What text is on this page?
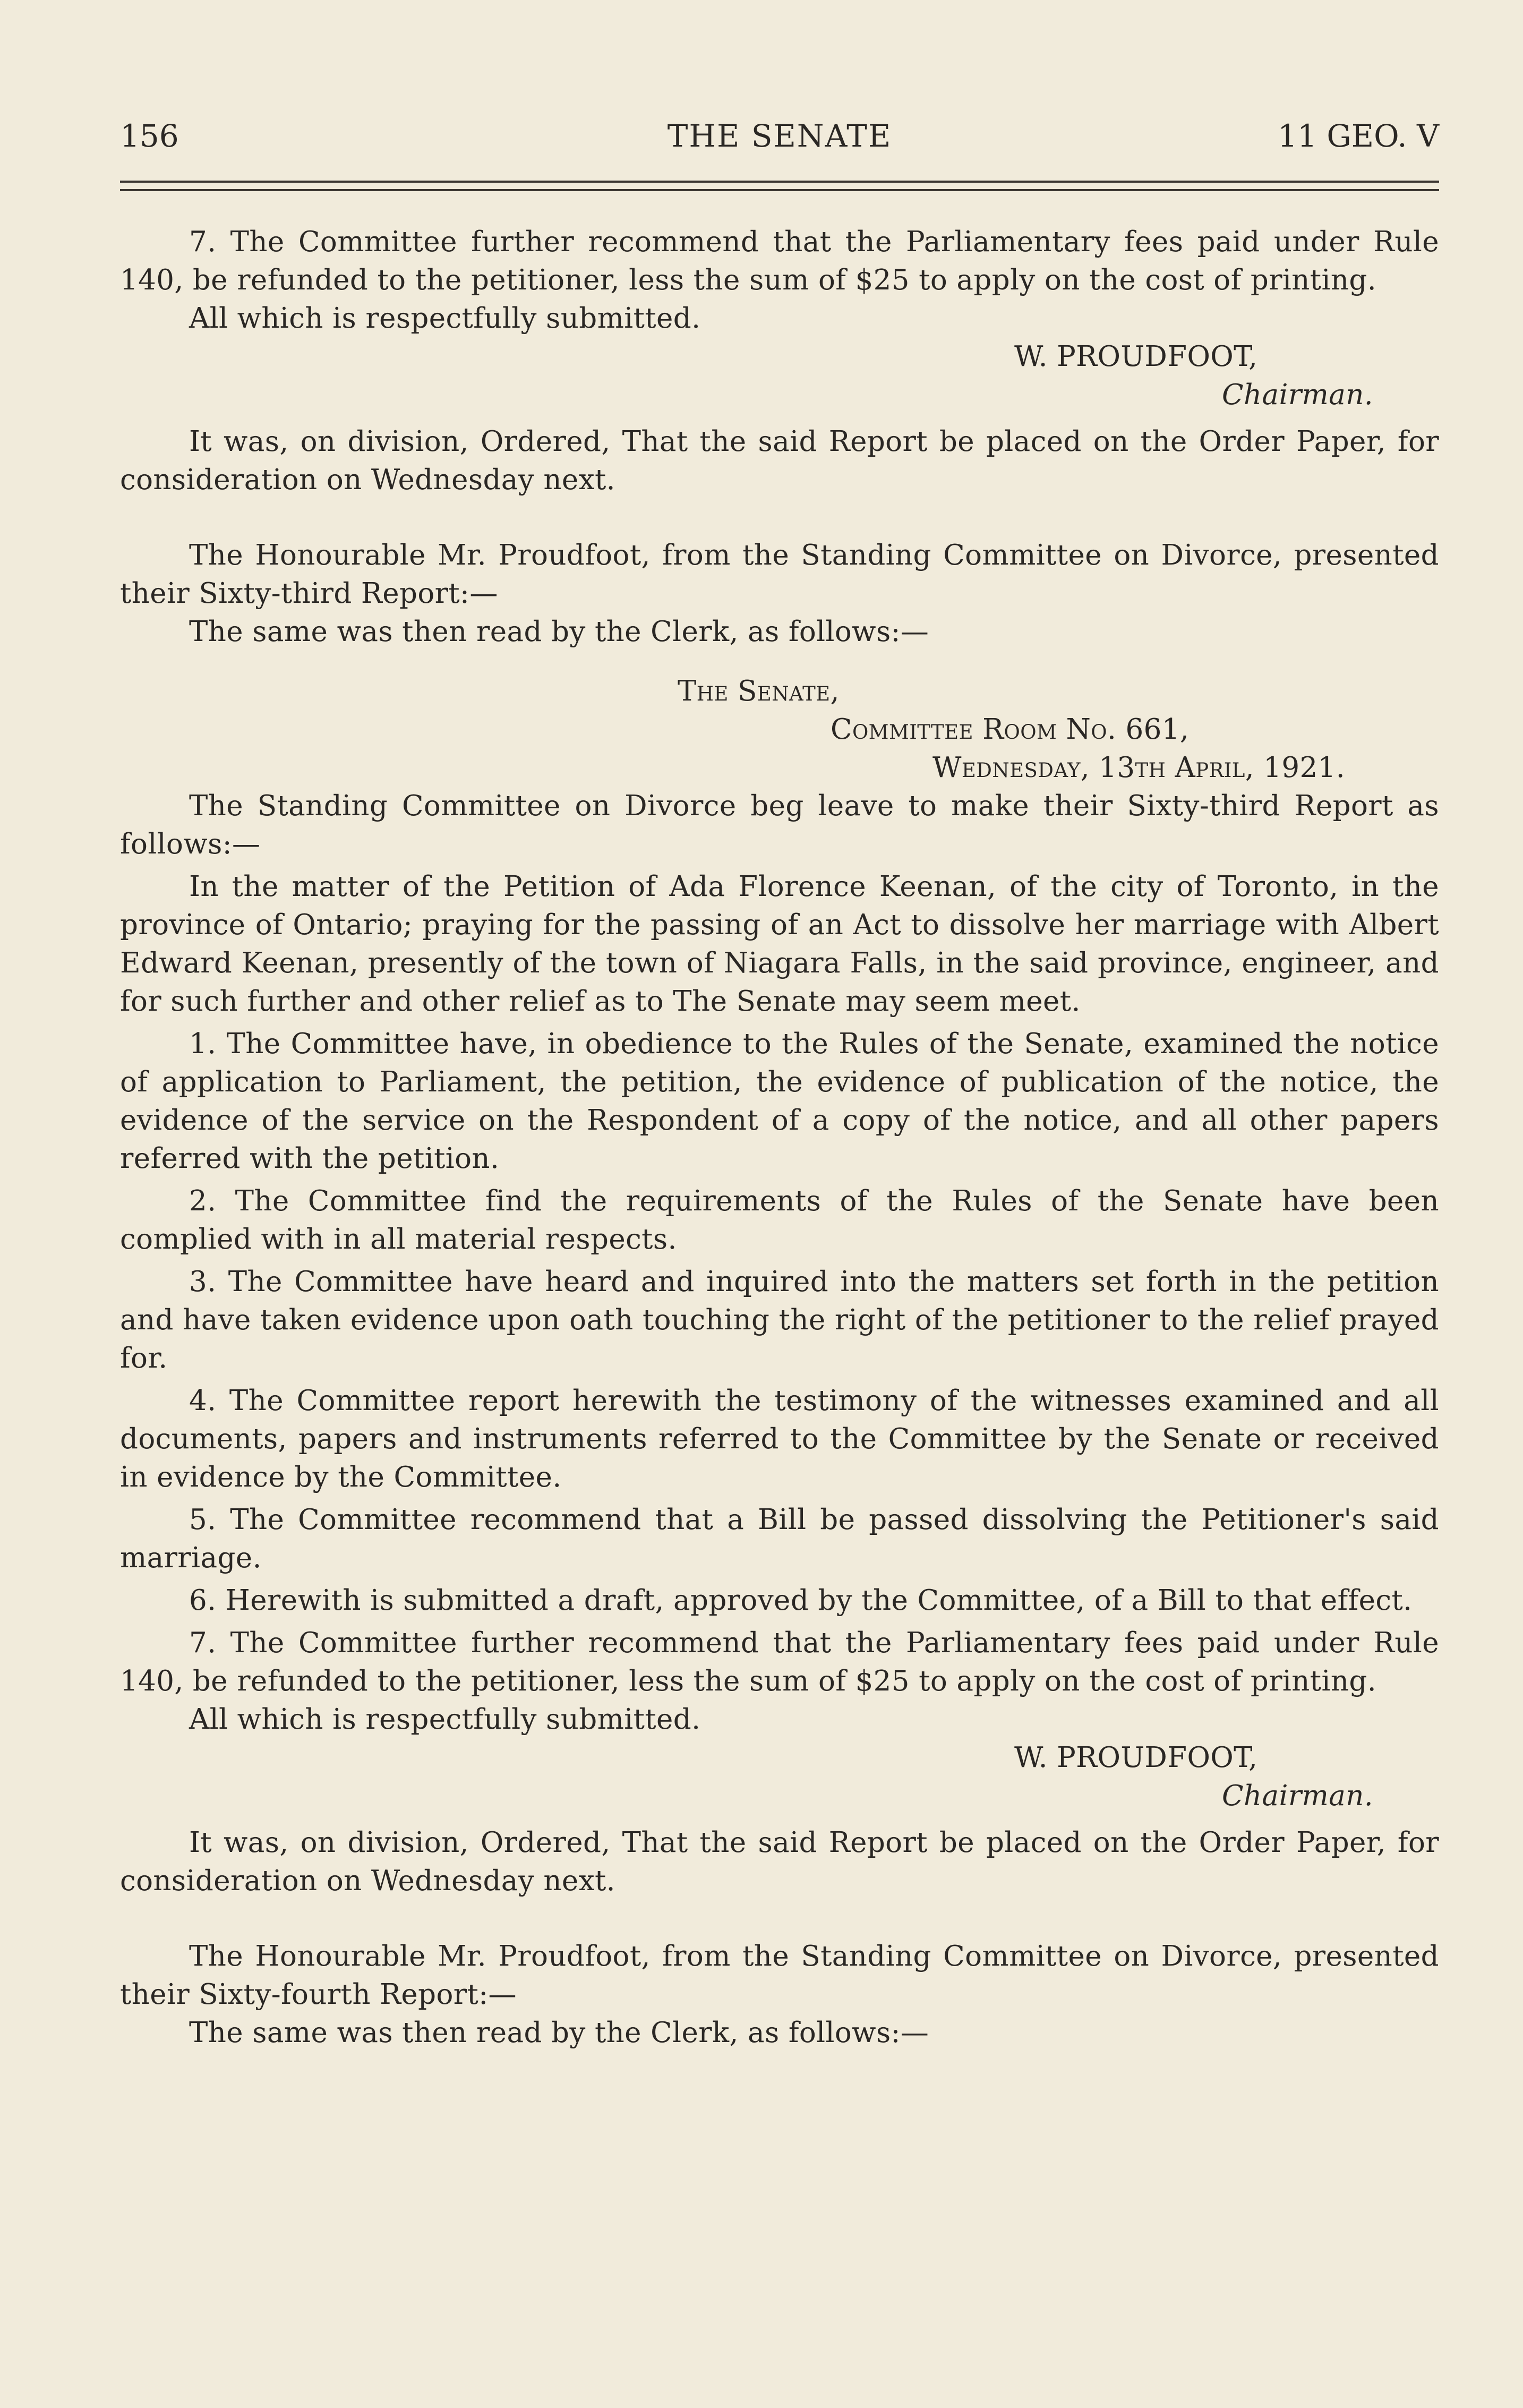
156	THE SENATE	11 GEO. V

7. The Committee further recommend that the Parliamentary fees paid under Rule 140, be refunded to the petitioner, less the sum of $25 to apply on the cost of printing.

All which is respectfully submitted.

W. PROUDFOOT,

Chairman.

It was, on division, Ordered, That the said Report be placed on the Order Paper, for consideration on Wednesday next.

The Honourable Mr. Proudfoot, from the Standing Committee on Divorce, presented their Sixty-third Report:—

The same was then read by the Clerk, as follows:—

The Senate,

Committee Room No. 661,

Wednesday, 13th April, 1921.

The Standing Committee on Divorce beg leave to make their Sixty-third Report as follows:—

In the matter of the Petition of Ada Florence Keenan, of the city of Toronto, in the province of Ontario; praying for the passing of an Act to dissolve her marriage with Albert Edward Keenan, presently of the town of Niagara Falls, in the said province, engineer, and for such further and other relief as to The Senate may seem meet.

1. The Committee have, in obedience to the Rules of the Senate, examined the notice of application to Parliament, the petition, the evidence of publication of the notice, the evidence of the service on the Respondent of a copy of the notice, and all other papers referred with the petition.

2. The Committee find the requirements of the Rules of the Senate have been complied with in all material respects.

3. The Committee have heard and inquired into the matters set forth in the petition and have taken evidence upon oath touching the right of the petitioner to the relief prayed for.

4. The Committee report herewith the testimony of the witnesses examined and all documents, papers and instruments referred to the Committee by the Senate or received in evidence by the Committee.

5. The Committee recommend that a Bill be passed dissolving the Petitioner's said marriage.

6. Herewith is submitted a draft, approved by the Committee, of a Bill to that effect.

7. The Committee further recommend that the Parliamentary fees paid under Rule 140, be refunded to the petitioner, less the sum of $25 to apply on the cost of printing.

All which is respectfully submitted.

W. PROUDFOOT,

Chairman.

It was, on division, Ordered, That the said Report be placed on the Order Paper, for consideration on Wednesday next.

The Honourable Mr. Proudfoot, from the Standing Committee on Divorce, presented their Sixty-fourth Report:—

The same was then read by the Clerk, as follows:—
